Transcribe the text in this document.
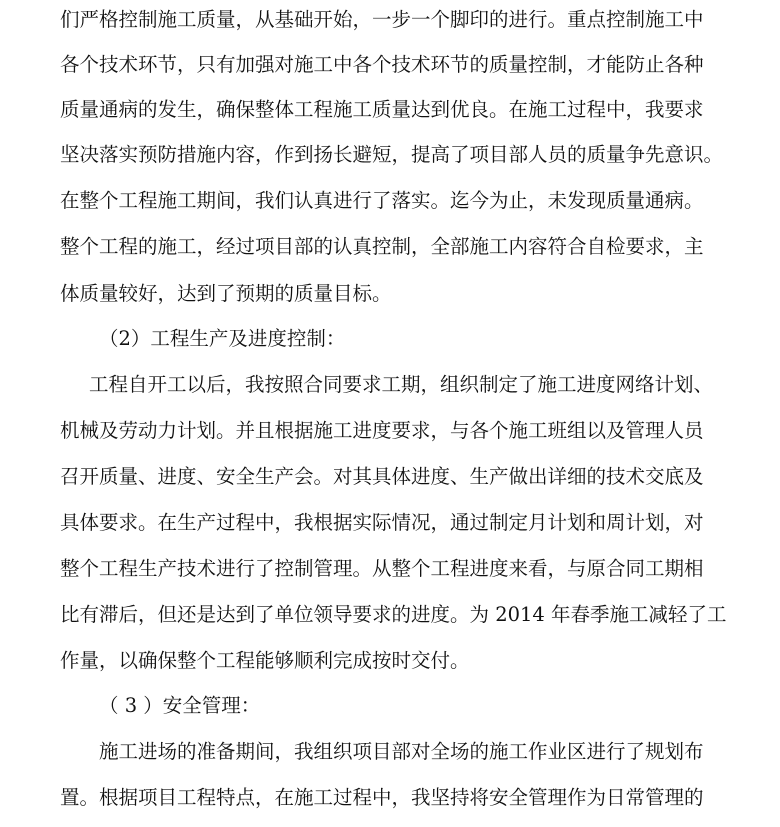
们严格控制施工质量，从基础开始，一步一个脚印的进行。重点控制施工中
各个技术环节，只有加强对施工中各个技术环节的质量控制，才能防止各种
质量通病的发生，确保整体工程施工质量达到优良。在施工过程中，我要求
坚决落实预防措施内容，作到扬长避短，提高了项目部人员的质量争先意识。
在整个工程施工期间，我们认真进行了落实。迄今为止，未发现质量通病。
整个工程的施工，经过项目部的认真控制，全部施工内容符合自检要求，主
体质量较好，达到了预期的质量目标。
（2）工程生产及进度控制：
工程自开工以后，我按照合同要求工期，组织制定了施工进度网络计划、
机械及劳动力计划。并且根据施工进度要求，与各个施工班组以及管理人员
召开质量、进度、安全生产会。对其具体进度、生产做出详细的技术交底及
具体要求。在生产过程中，我根据实际情况，通过制定月计划和周计划，对
整个工程生产技术进行了控制管理。从整个工程进度来看，与原合同工期相
比有滞后，但还是达到了单位领导要求的进度。为 2014 年春季施工减轻了工
作量，以确保整个工程能够顺利完成按时交付。
（ 3 ）安全管理：
施工进场的准备期间，我组织项目部对全场的施工作业区进行了规划布
置。根据项目工程特点，在施工过程中，我坚持将安全管理作为日常管理的
